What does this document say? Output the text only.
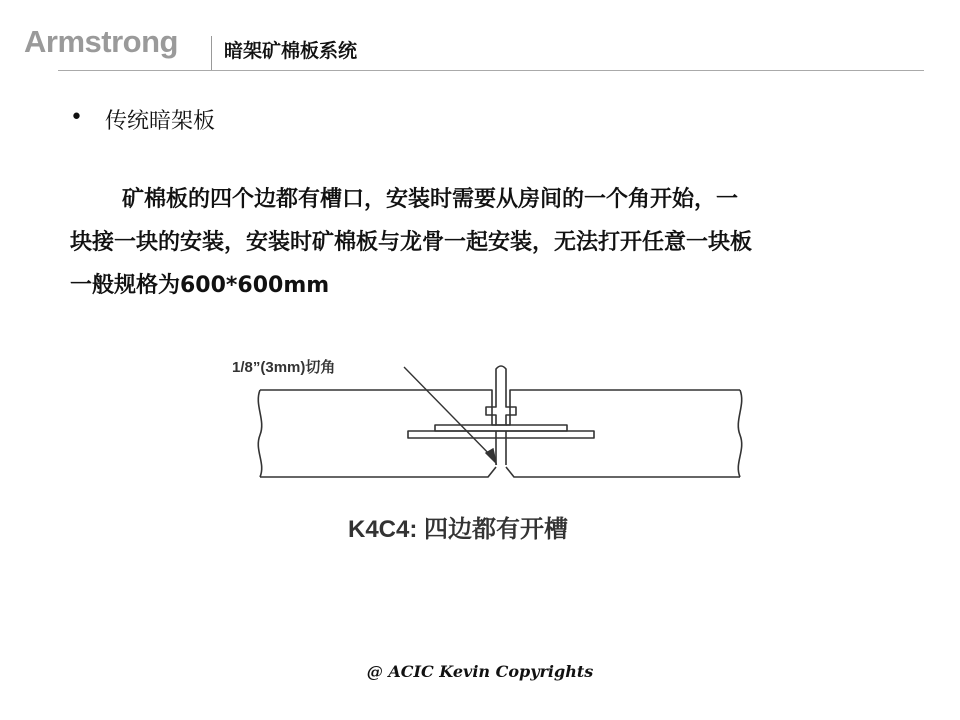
Armstrong 暗架矿棉板系统
• 传统暗架板
矿棉板的四个边都有槽口，安装时需要从房间的一个角开始，一
块接一块的安装，安装时矿棉板与龙骨一起安装，无法打开任意一块板
一般规格为600*600mm
1/8”(3mm)切角
K4C4: 四边都有开槽
@ ACIC Kevin Copyrights
